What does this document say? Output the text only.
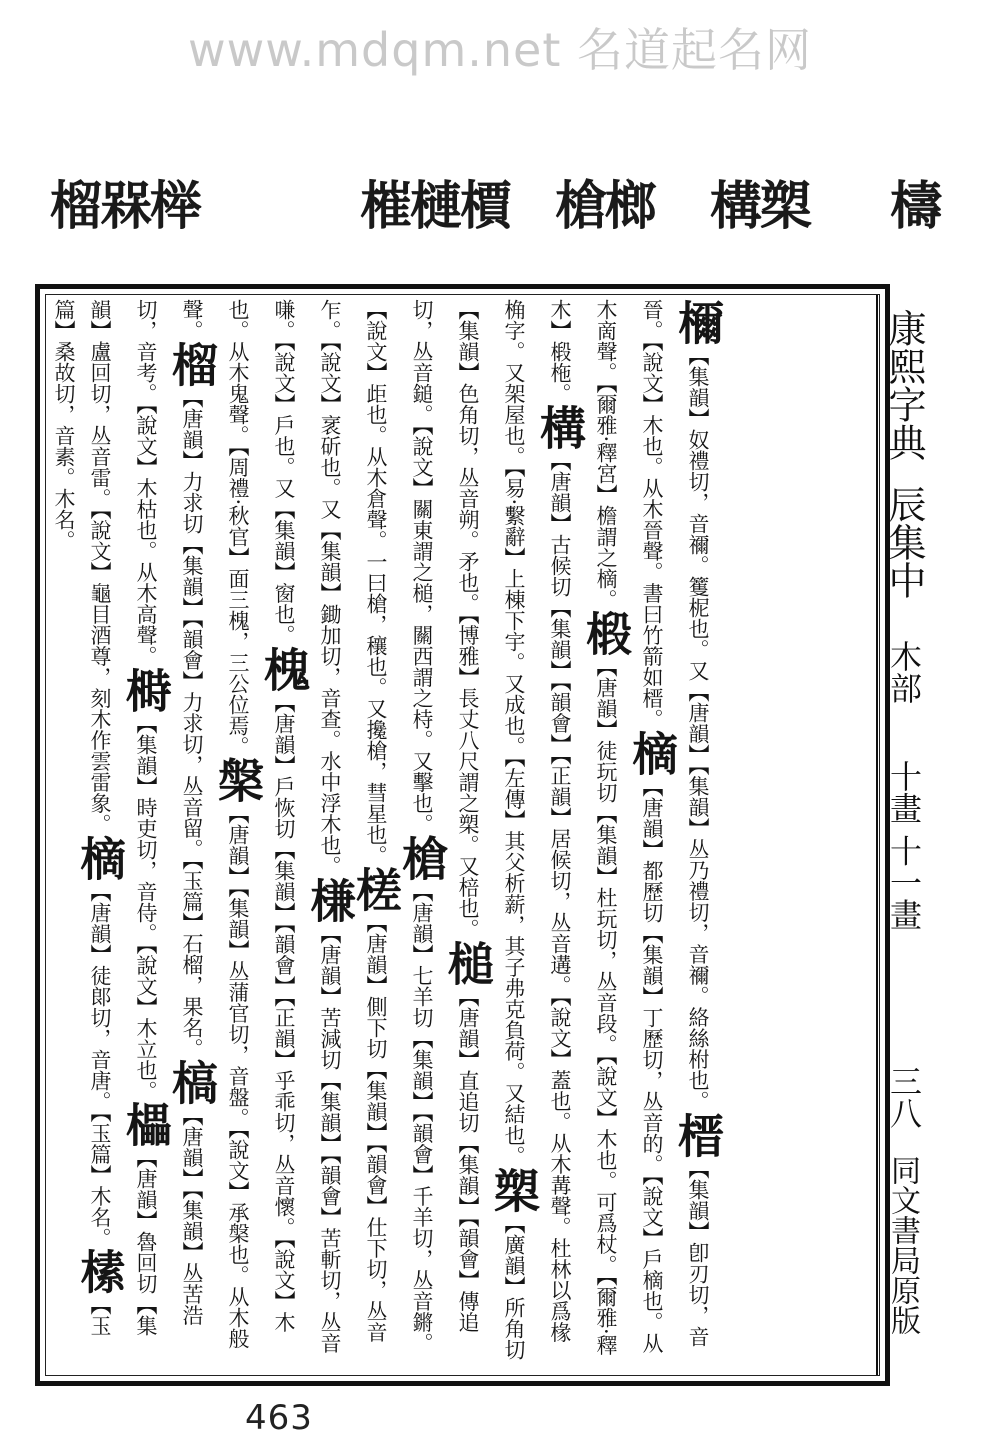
www.mdqm.net 名道起名网
檮
構槊
槍榔
槯槤檟
榴槑榉
檷【集韻】奴禮切，音禰。籆柅也。又【唐韻】【集韻】丛乃禮切，音禰。絡絲柎也。榗【集韻】卽刃切，音晉。【說文】木也。从木晉聲。書曰竹箭如榗。樀【唐韻】都歷切【集韻】丁歷切，丛音的。【說文】戶樀也。从木啇聲。【爾雅·釋宮】檐謂之樀。椴【唐韻】徒玩切【集韻】杜玩切，丛音段。【說文】木也。可爲杖。【爾雅·釋木】椴柂。構【唐韻】古候切【集韻】【韻會】【正韻】居候切，丛音遘。【說文】蓋也。从木冓聲。杜林以爲椽桷字。又架屋也。【易·繫辭】上棟下宇。又成也。【左傳】其父析薪，其子弗克負荷。又結也。槊【廣韻】所角切【集韻】色角切，丛音朔。矛也。【博雅】長丈八尺謂之槊。又棓也。槌【唐韻】直追切【集韻】【韻會】傳追切，丛音鎚。【說文】關東謂之槌，關西謂之㭙。又擊也。槍【唐韻】七羊切【集韻】【韻會】千羊切，丛音鏘。【說文】歫也。从木倉聲。一曰槍，穰也。又攙槍，彗星也。槎【唐韻】側下切【集韻】【韻會】仕下切，丛音乍。【說文】衺斫也。又【集韻】鋤加切，音查。水中浮木也。槏【唐韻】苦減切【集韻】【韻會】苦斬切，丛音嗛。【說文】戶也。又【集韻】窗也。槐【唐韻】戶恢切【集韻】【韻會】【正韻】乎乖切，丛音懷。【說文】木也。从木鬼聲。【周禮·秋官】面三槐，三公位焉。槃【唐韻】【集韻】丛蒲官切，音盤。【說文】承槃也。从木般聲。榴【唐韻】力求切【集韻】【韻會】力求切，丛音留。【玉篇】石榴，果名。槁【唐韻】【集韻】丛苦浩切，音考。【說文】木枯也。从木高聲。榯【集韻】時吏切，音侍。【說文】木立也。櫑【唐韻】魯回切【集韻】盧回切，丛音雷。【說文】龜目酒尊，刻木作雲雷象。樀【唐韻】徒郞切，音唐。【玉篇】木名。榡【玉篇】桑故切，音素。木名。	康熙字典
辰集中
木部
十畫 十一畫
三八
同文書局原版
463
